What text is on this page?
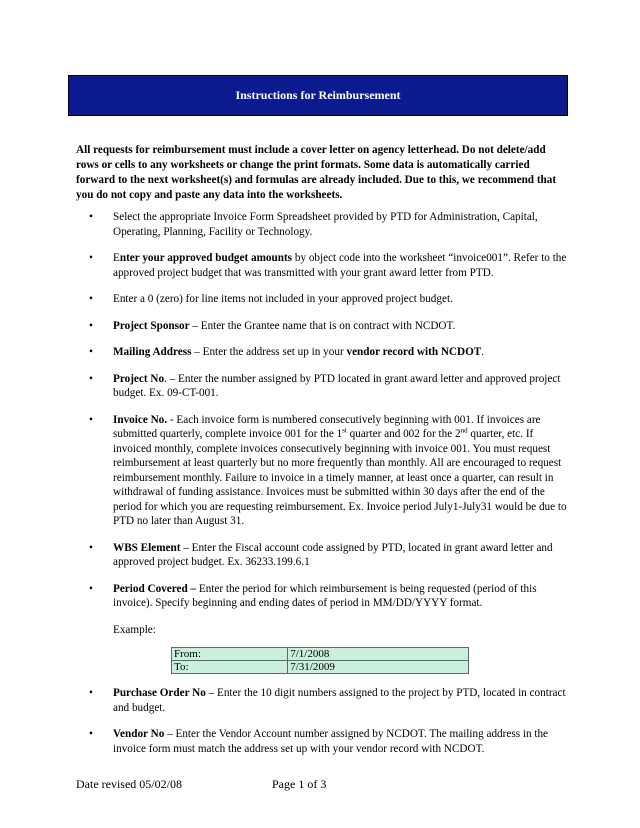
Instructions for Reimbursement
All requests for reimbursement must include a cover letter on agency letterhead. Do not delete/add rows or cells to any worksheets or change the print formats. Some data is automatically carried forward to the next worksheet(s) and formulas are already included. Due to this, we recommend that you do not copy and paste any data into the worksheets.
• Select the appropriate Invoice Form Spreadsheet provided by PTD for Administration, Capital, Operating, Planning, Facility or Technology.
• Enter your approved budget amounts by object code into the worksheet “invoice001”. Refer to the approved project budget that was transmitted with your grant award letter from PTD.
• Enter a 0 (zero) for line items not included in your approved project budget.
• Project Sponsor – Enter the Grantee name that is on contract with NCDOT.
• Mailing Address – Enter the address set up in your vendor record with NCDOT.
• Project No. – Enter the number assigned by PTD located in grant award letter and approved project budget. Ex. 09-CT-001.
• Invoice No. - Each invoice form is numbered consecutively beginning with 001. If invoices are submitted quarterly, complete invoice 001 for the 1st quarter and 002 for the 2nd quarter, etc. If invoiced monthly, complete invoices consecutively beginning with invoice 001. You must request reimbursement at least quarterly but no more frequently than monthly. All are encouraged to request reimbursement monthly. Failure to invoice in a timely manner, at least once a quarter, can result in withdrawal of funding assistance. Invoices must be submitted within 30 days after the end of the period for which you are requesting reimbursement. Ex. Invoice period July1-July31 would be due to PTD no later than August 31.
• WBS Element – Enter the Fiscal account code assigned by PTD, located in grant award letter and approved project budget. Ex. 36233.199.6.1
• Period Covered – Enter the period for which reimbursement is being requested (period of this invoice). Specify beginning and ending dates of period in MM/DD/YYYY format.
Example:
From:	7/1/2008
To:	7/31/2009
• Purchase Order No – Enter the 10 digit numbers assigned to the project by PTD, located in contract and budget.
• Vendor No – Enter the Vendor Account number assigned by NCDOT. The mailing address in the invoice form must match the address set up with your vendor record with NCDOT.
Date revised 05/02/08	Page 1 of 3
